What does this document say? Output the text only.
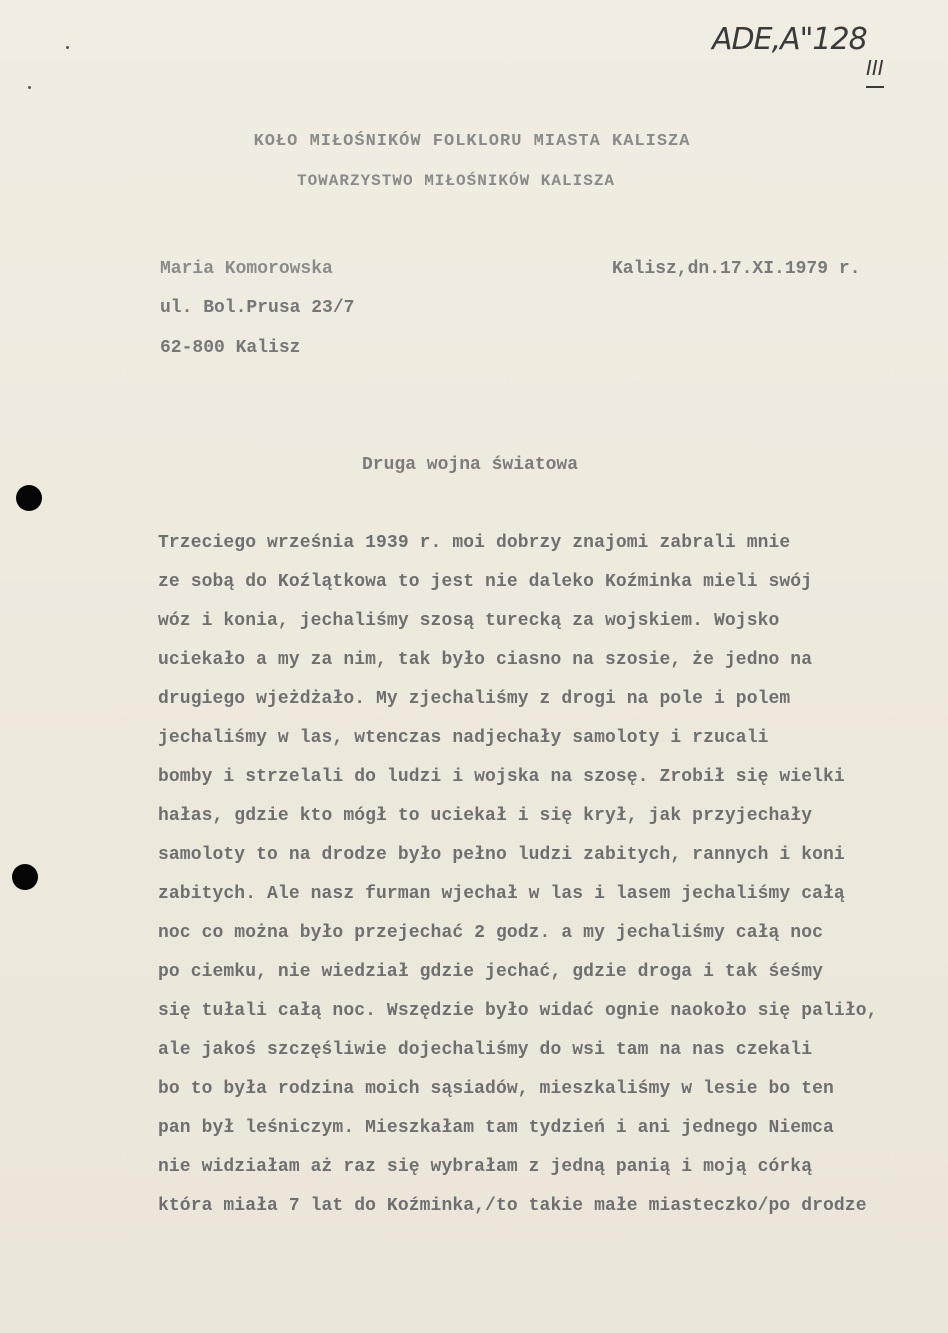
ADE,A"128
III
KOŁO MIŁOŚNIKÓW FOLKLORU MIASTA KALISZA
TOWARZYSTWO MIŁOŚNIKÓW KALISZA
Maria Komorowska
ul. Bol.Prusa 23/7
62-800 Kalisz
Kalisz,dn.17.XI.1979 r.
Druga wojna światowa
Trzeciego września 1939 r. moi dobrzy znajomi zabrali mnie
ze sobą do Koźlątkowa to jest nie daleko Koźminka mieli swój
wóz i konia, jechaliśmy szosą turecką za wojskiem. Wojsko
uciekało a my za nim, tak było ciasno na szosie, że jedno na
drugiego wjeżdżało. My zjechaliśmy z drogi na pole i polem
jechaliśmy w las, wtenczas nadjechały samoloty i rzucali
bomby i strzelali do ludzi i wojska na szosę. Zrobił się wielki
hałas, gdzie kto mógł to uciekał i się krył, jak przyjechały
samoloty to na drodze było pełno ludzi zabitych, rannych i koni
zabitych. Ale nasz furman wjechał w las i lasem jechaliśmy całą
noc co można było przejechać 2 godz. a my jechaliśmy całą noc
po ciemku, nie wiedział gdzie jechać, gdzie droga i tak śeśmy
się tułali całą noc. Wszędzie było widać ognie naokoło się paliło,
ale jakoś szczęśliwie dojechaliśmy do wsi tam na nas czekali
bo to była rodzina moich sąsiadów, mieszkaliśmy w lesie bo ten
pan był leśniczym. Mieszkałam tam tydzień i ani jednego Niemca
nie widziałam aż raz się wybrałam z jedną panią i moją córką
która miała 7 lat do Koźminka,/to takie małe miasteczko/po drodze
